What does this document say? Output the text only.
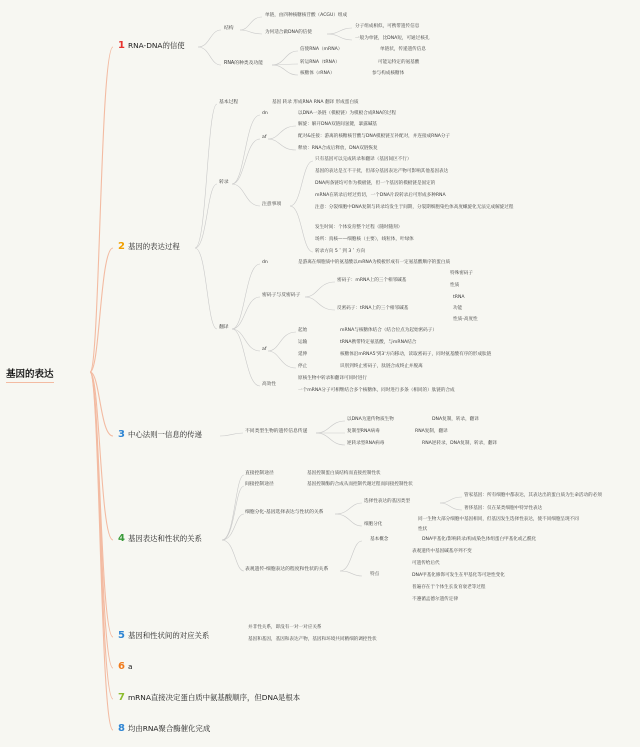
基因的表达
1 RNA-DNA的信使
2 基因的表达过程
3 中心法则一信息的传递
4 基因表达和性状的关系
5 基因和性状间的对应关系
6 a
7 mRNA直接决定蛋白质中氨基酸顺序，但DNA是根本
8 均由RNA聚合酶催化完成
结构
单链，由四种核糖核苷酸（ACGU）组成
为何适合做DNA的信使
分子组成相似，可携带遗传信息
一般为单链，比DNA短，可通过核孔
RNA的种类及功能
信使RNA（mRNA）	单链状，传递遗传信息
转运RNA（tRNA）	可能运特定的氨基酸
核糖体（rRNA）	参与构成核糖体
基本过程	基因 转录 形成RNA RNA 翻译 形成蛋白质
转录
dn	以DNA一条链（模板链）为模板合成RNA的过程
af
解旋：解开DNA双链间氢键，暴露碱基
配对&连接：游离的核糖核苷酸与DNA模板链互补配对，并连接成RNA分子
释放：RNA合成后释放，DNA双链恢复
注意事项
只有基因可以完成转录和翻译（基因间区不行）
基因的表达是互不干扰，但部分基因表达产物可影响其他基因表达
DNA两条链均可作为模板链，但一个基因的模板链是固定的
mRNA在转录后经过剪切，一个DNA片段转录后可形成多种RNA
注意：分裂细胞中DNA复制与转录均发生于间期，分裂期细胞染色体高度螺旋化无法完成解旋过程
发生时间：个体发育整个过程（随时随刻）
场所：真核——细胞核（主要），线粒体，叶绿体
转录方向 5＇到 3＇方向
翻译
dn	是游离在细胞质中的氨基酸以mRNA为模板形成有一定氨基酸顺序的蛋白质
密码子与反密码子
密码子：mRNA上的三个相邻碱基
特殊密码子
性质
反密码子：tRNA上的三个相邻碱基
tRNA
功能
性质-高度性
af
起始	mRNA与核糖体结合（结合位点为起始密码子）
运输	tRNA携带特定氨基酸，与mRNA结合
延伸	核糖体沿mRNA5'到3'方向移动，读取密码子，同时氨基酸有序的形成肽链
停止	识别到终止密码子，肽链合成终止并脱离
高效性
原核生物中转录和翻译可同时进行
一个mRNA分子可相继结合多个核糖体，同时进行多条（相同的）肽链的合成
不同类型生物的遗传信息传递
以DNA为遗传物质生物	DNA复制，转录，翻译
复制型RNA病毒	RNA复制，翻译
逆转录型RNA病毒	RNA逆转录，DNA复制，转录，翻译
直接控制途径	基因控制蛋白质结构而直接控制性状
间接控制途径	基因控制酶的合成从而控制代谢过程而间接控制性状
细胞分化-基因选择表达与性状的关系
选择性表达的基因类型
管家基因：所有细胞中都表达，其表达出的蛋白质为生命活动的必须
奢侈基因：仅在某类细胞中特异性表达
细胞分化
同一生物大部分细胞中基因相同，但基因发生选择性表达，使不同细胞呈现不同
性状
表观遗传-细胞表达的程度和性状的关系
基本概念	DNA甲基化/影响转录/构成染色体组蛋白甲基化或乙酰化
表观遗传中基因碱基序列不变
特点
可遗传给后代
DNA甲基化修饰可发生在甲基化等可逆性变化
普遍存在于个体生长发育衰老等过程
不遵循孟德尔遗传定律
并非性关系，即没有一对一对应关系
基因和基因，基因和表达产物，基因和环境共同精细的调控性状
